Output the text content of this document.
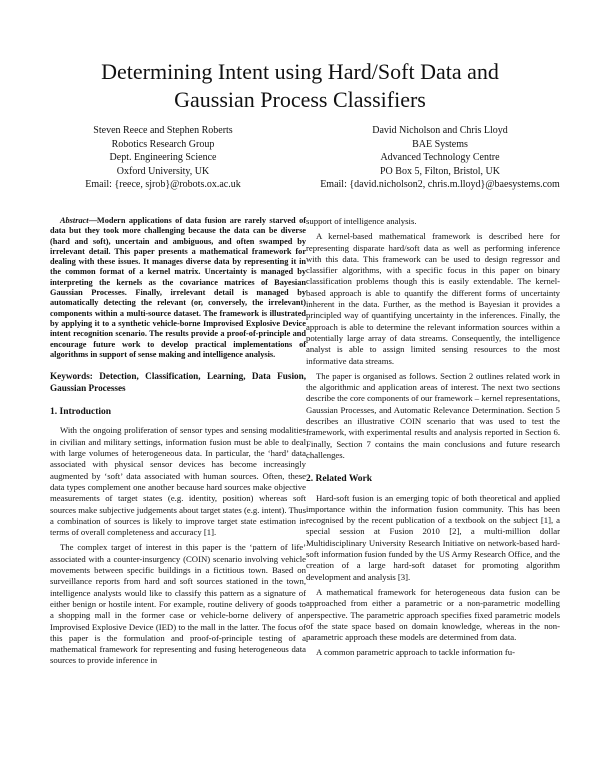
Determining Intent using Hard/Soft Data and
Gaussian Process Classifiers
Steven Reece and Stephen Roberts
Robotics Research Group
Dept. Engineering Science
Oxford University, UK
Email: {reece, sjrob}@robots.ox.ac.uk
David Nicholson and Chris Lloyd
BAE Systems
Advanced Technology Centre
PO Box 5, Filton, Bristol, UK
Email: {david.nicholson2, chris.m.lloyd}@baesystems.com

Abstract—Modern applications of data fusion are rarely starved of data but they took more challenging because the data can be diverse (hard and soft), uncertain and ambiguous, and often swamped by irrelevant detail. This paper presents a mathematical framework for dealing with these issues. It manages diverse data by representing it in the common format of a kernel matrix. Uncertainty is managed by interpreting the kernels as the covariance matrices of Bayesian Gaussian Processes. Finally, irrelevant detail is managed by automatically detecting the relevant (or, conversely, the irrelevant) components within a multi-source dataset. The framework is illustrated by applying it to a synthetic vehicle-borne Improvised Explosive Device intent recognition scenario. The results provide a proof-of-principle and encourage future work to develop practical implementations of algorithms in support of sense making and intelligence analysis.

Keywords: Detection, Classification, Learning, Data Fusion, Gaussian Processes

1. Introduction

With the ongoing proliferation of sensor types and sensing modalities in civilian and military settings, information fusion must be able to deal with large volumes of heterogeneous data. In particular, the ‘hard’ data associated with physical sensor devices has become increasingly augmented by ‘soft’ data associated with human sources. Often, these data types complement one another because hard sources make objective measurements of target states (e.g. identity, position) whereas soft sources make subjective judgements about target states (e.g. intent). Thus a combination of sources is likely to improve target state estimation in terms of overall completeness and accuracy [1].

The complex target of interest in this paper is the ‘pattern of life’ associated with a counter-insurgency (COIN) scenario involving vehicle movements between specific buildings in a fictitious town. Based on surveillance reports from hard and soft sources stationed in the town, intelligence analysts would like to classify this pattern as a signature of either benign or hostile intent. For example, routine delivery of goods to a shopping mall in the former case or vehicle-borne delivery of an Improvised Explosive Device (IED) to the mall in the latter. The focus of this paper is the formulation and proof-of-principle testing of a mathematical framework for representing and fusing heterogeneous data sources to provide inference in

support of intelligence analysis.

A kernel-based mathematical framework is described here for representing disparate hard/soft data as well as performing inference with this data. This framework can be used to design regressor and classifier algorithms, with a specific focus in this paper on binary classification problems though this is easily extendable. The kernel-based approach is able to quantify the different forms of uncertainty inherent in the data. Further, as the method is Bayesian it provides a principled way of quantifying uncertainty in the inferences. Finally, the approach is able to determine the relevant information sources within a potentially large array of data streams. Consequently, the intelligence analyst is able to assign limited sensing resources to the most informative data streams.

The paper is organised as follows. Section 2 outlines related work in the algorithmic and application areas of interest. The next two sections describe the core components of our framework – kernel representations, Gaussian Processes, and Automatic Relevance Determination. Section 5 describes an illustrative COIN scenario that was used to test the framework, with experimental results and analysis reported in Section 6. Finally, Section 7 contains the main conclusions and future research challenges.

2. Related Work

Hard-soft fusion is an emerging topic of both theoretical and applied importance within the information fusion community. This has been recognised by the recent publication of a textbook on the subject [1], a special session at Fusion 2010 [2], a multi-million dollar Multidisciplinary University Research Initiative on network-based hard-soft information fusion funded by the US Army Research Office, and the creation of a large hard-soft dataset for promoting algorithm development and analysis [3].

A mathematical framework for heterogeneous data fusion can be approached from either a parametric or a non-parametric modelling perspective. The parametric approach specifies fixed parametric models of the state space based on domain knowledge, whereas in the non-parametric approach these models are determined from data.

A common parametric approach to tackle information fu-
